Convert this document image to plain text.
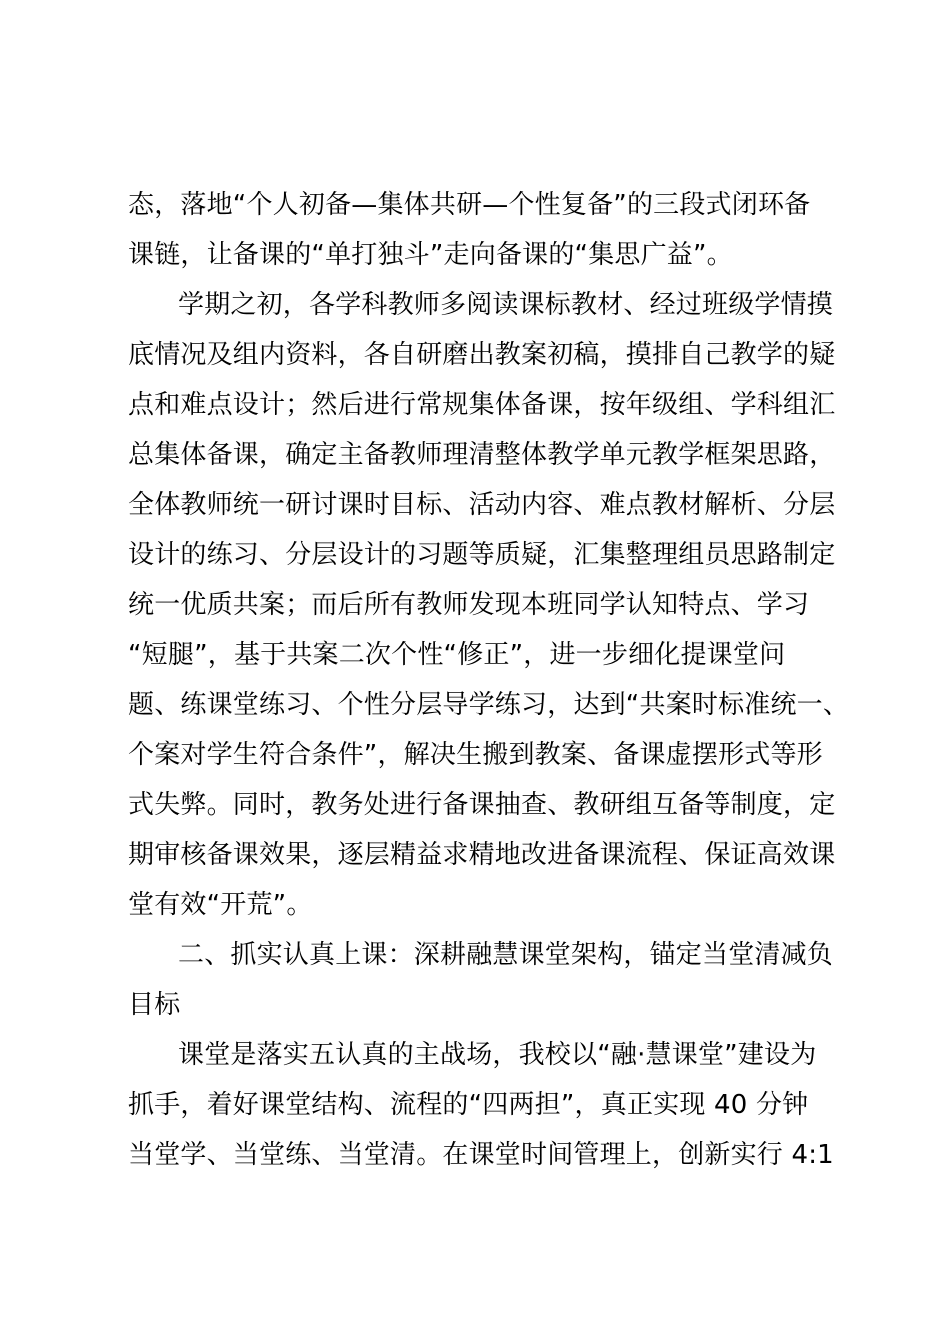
态，落地“个人初备—集体共研—个性复备”的三段式闭环备
课链，让备课的“单打独斗”走向备课的“集思广益”。
学期之初，各学科教师多阅读课标教材、经过班级学情摸
底情况及组内资料，各自研磨出教案初稿，摸排自己教学的疑
点和难点设计；然后进行常规集体备课，按年级组、学科组汇
总集体备课，确定主备教师理清整体教学单元教学框架思路，
全体教师统一研讨课时目标、活动内容、难点教材解析、分层
设计的练习、分层设计的习题等质疑，汇集整理组员思路制定
统一优质共案；而后所有教师发现本班同学认知特点、学习
“短腿”，基于共案二次个性“修正”，进一步细化提课堂问
题、练课堂练习、个性分层导学练习，达到“共案时标准统一、
个案对学生符合条件”，解决生搬到教案、备课虚摆形式等形
式失弊。同时，教务处进行备课抽查、教研组互备等制度，定
期审核备课效果，逐层精益求精地改进备课流程、保证高效课
堂有效“开荒”。
二、抓实认真上课：深耕融慧课堂架构，锚定当堂清减负
目标
课堂是落实五认真的主战场，我校以“融·慧课堂”建设为
抓手，着好课堂结构、流程的“四两担”，真正实现 40 分钟
当堂学、当堂练、当堂清。在课堂时间管理上，创新实行 4:1
